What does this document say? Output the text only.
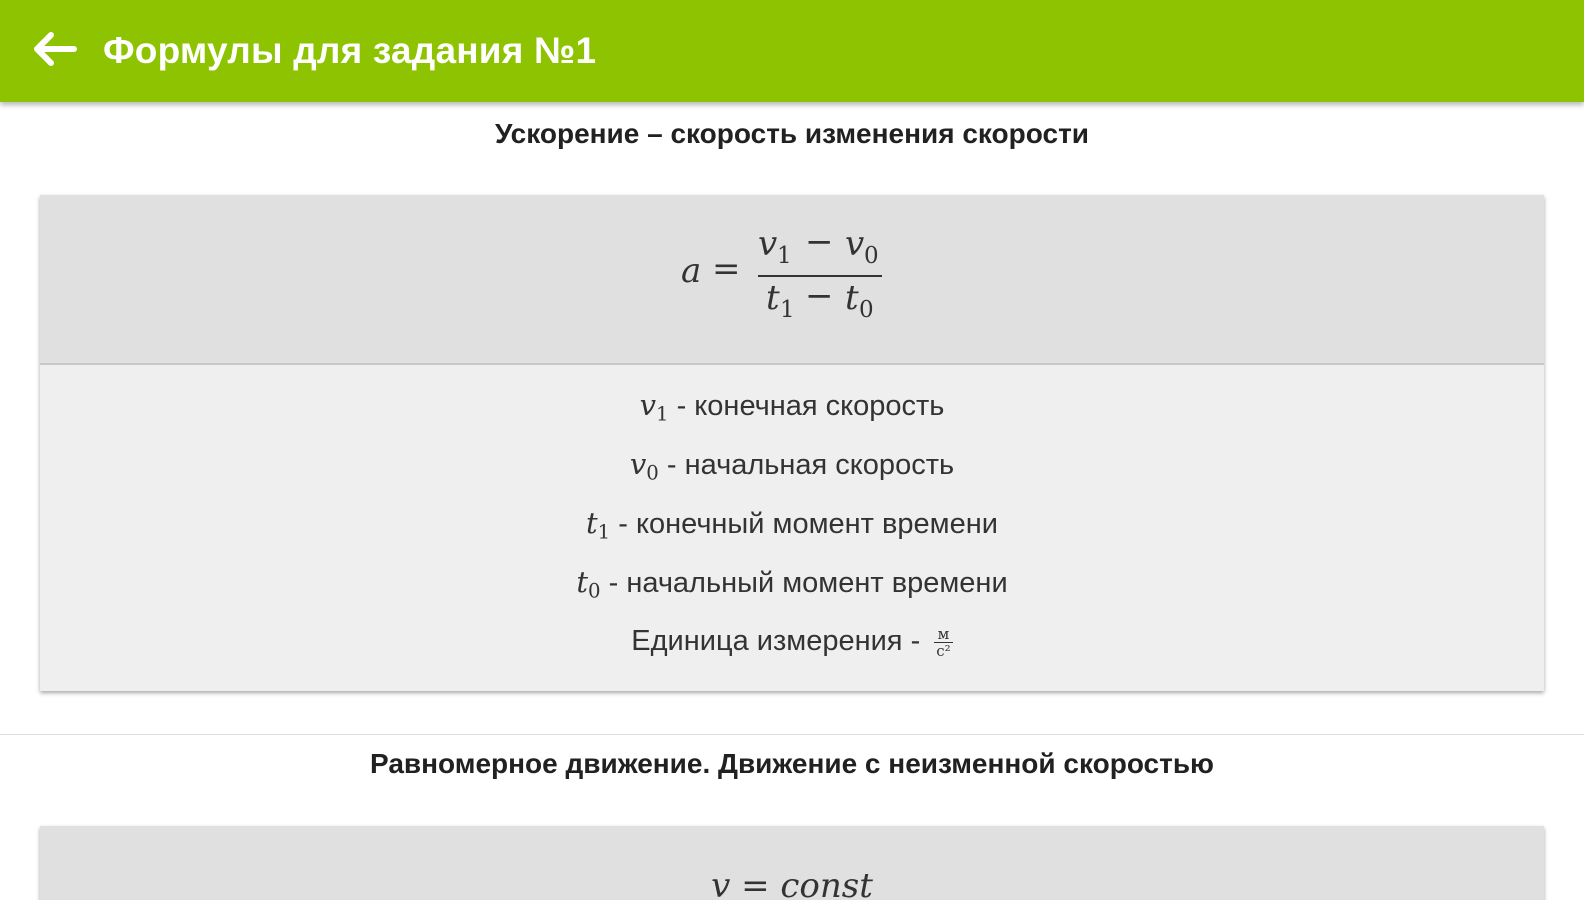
Формулы для задания №1
Ускорение – скорость изменения скорости
a =
v 1 − v 0
t 1 − t 0
$v_1$ - конечная скорость
$v_0$ - начальная скорость
$t_1$ - конечный момент времени
$t_0$ - начальный момент времени
Единица измерения - $\frac{м}{\text{с²}}$
Равномерное движение. Движение с неизменной скоростью
v = const
